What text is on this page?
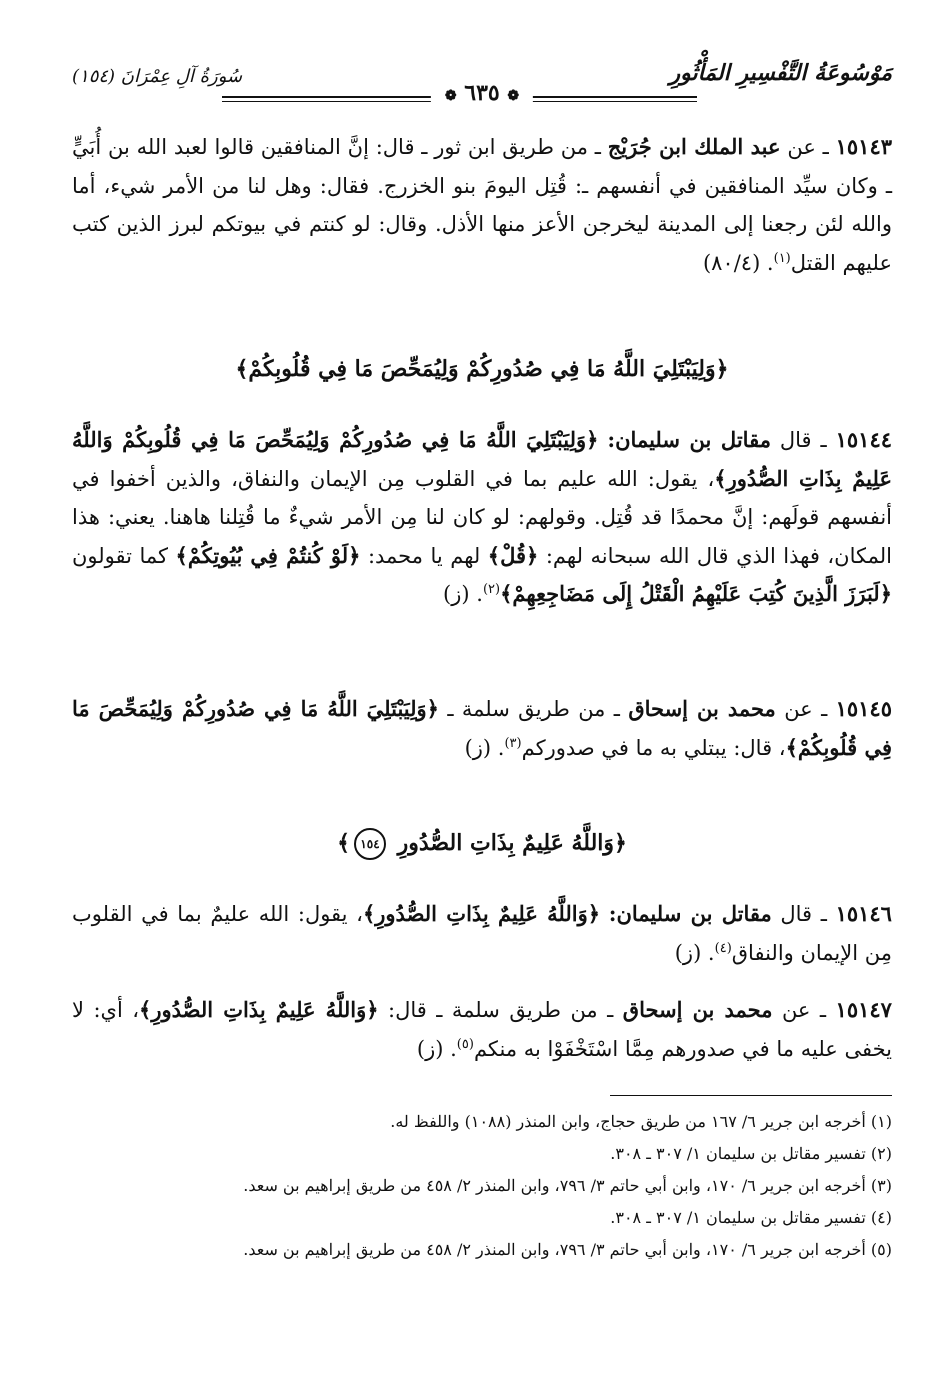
مَوْسُوعَةُ التَّفْسِيرِ المَأْثُورِ
❁ ٦٣٥ ❁
سُورَةُ آلِ عِمْرَانَ (١٥٤)

١٥١٤٣ ـ عن عبد الملك ابن جُرَيْج ـ من طريق ابن ثور ـ قال: إنَّ المنافقين قالوا لعبد الله بن أُبَيٍّ ـ وكان سيِّد المنافقين في أنفسهم ـ: قُتِل اليومَ بنو الخزرج. فقال: وهل لنا من الأمر شيء، أما والله لئن رجعنا إلى المدينة ليخرجن الأعز منها الأذل. وقال: لو كنتم في بيوتكم لبرز الذين كتب عليهم القتل$^{(١)}$. (٨٠/٤)

﴿وَلِيَبْتَلِيَ اللَّهُ مَا فِي صُدُورِكُمْ وَلِيُمَحِّصَ مَا فِي قُلُوبِكُمْ﴾

١٥١٤٤ ـ قال مقاتل بن سليمان: ﴿وَلِيَبْتَلِيَ اللَّهُ مَا فِي صُدُورِكُمْ وَلِيُمَحِّصَ مَا فِي قُلُوبِكُمْ وَاللَّهُ عَلِيمٌ بِذَاتِ الصُّدُورِ﴾، يقول: الله عليم بما في القلوب مِن الإيمان والنفاق، والذين أخفوا في أنفسهم قولَهم: إنَّ محمدًا قد قُتِل. وقولهم: لو كان لنا مِن الأمر شيءٌ ما قُتِلنا هاهنا. يعني: هذا المكان، فهذا الذي قال الله سبحانه لهم: ﴿قُلْ﴾ لهم يا محمد: ﴿لَوْ كُنتُمْ فِي بُيُوتِكُمْ﴾ كما تقولون ﴿لَبَرَزَ الَّذِينَ كُتِبَ عَلَيْهِمُ الْقَتْلُ إِلَى مَضَاجِعِهِمْ﴾$^{(٢)}$. (ز)

١٥١٤٥ ـ عن محمد بن إسحاق ـ من طريق سلمة ـ ﴿وَلِيَبْتَلِيَ اللَّهُ مَا فِي صُدُورِكُمْ وَلِيُمَحِّصَ مَا فِي قُلُوبِكُمْ﴾، قال: يبتلي به ما في صدوركم$^{(٣)}$. (ز)

﴿وَاللَّهُ عَلِيمٌ بِذَاتِ الصُّدُورِ ١٥٤﴾

١٥١٤٦ ـ قال مقاتل بن سليمان: ﴿وَاللَّهُ عَلِيمٌ بِذَاتِ الصُّدُورِ﴾، يقول: الله عليمٌ بما في القلوب مِن الإيمان والنفاق$^{(٤)}$. (ز)

١٥١٤٧ ـ عن محمد بن إسحاق ـ من طريق سلمة ـ قال: ﴿وَاللَّهُ عَلِيمٌ بِذَاتِ الصُّدُورِ﴾، أي: لا يخفى عليه ما في صدورهم مِمَّا اسْتَخْفَوْا به منكم$^{(٥)}$. (ز)

(١) أخرجه ابن جرير ٦/ ١٦٧ من طريق حجاج، وابن المنذر (١٠٨٨) واللفظ له.

(٢) تفسير مقاتل بن سليمان ١/ ٣٠٧ ـ ٣٠٨.

(٣) أخرجه ابن جرير ٦/ ١٧٠، وابن أبي حاتم ٣/ ٧٩٦، وابن المنذر ٢/ ٤٥٨ من طريق إبراهيم بن سعد.

(٤) تفسير مقاتل بن سليمان ١/ ٣٠٧ ـ ٣٠٨.

(٥) أخرجه ابن جرير ٦/ ١٧٠، وابن أبي حاتم ٣/ ٧٩٦، وابن المنذر ٢/ ٤٥٨ من طريق إبراهيم بن سعد.
